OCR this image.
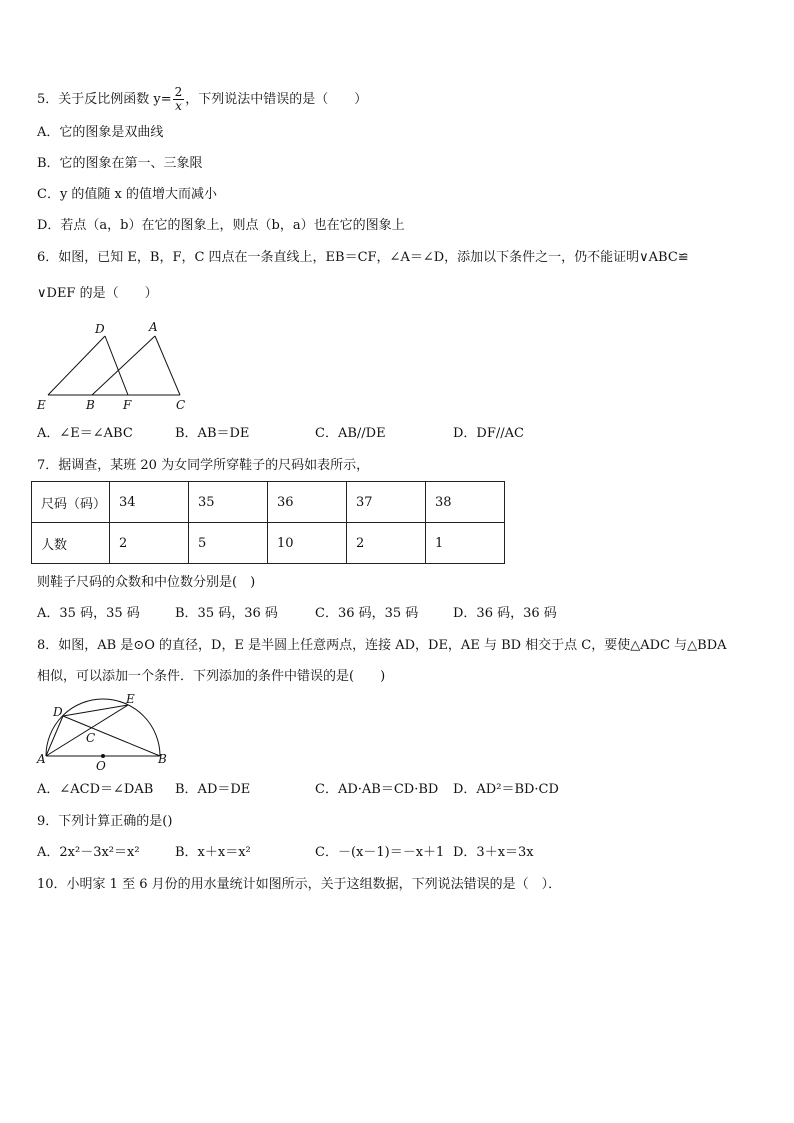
5．关于反比例函数 $y= \frac{2}{x}$ ，下列说法中错误的是（　　）
A．它的图象是双曲线
B．它的图象在第一、三象限
C．y 的值随 x 的值增大而减小
D．若点（a，b）在它的图象上，则点（b，a）也在它的图象上
6．如图，已知 E，B，F，C 四点在一条直线上，EB＝CF，∠A＝∠D，添加以下条件之一，仍不能证明∨ABC≌
∨DEF 的是（　　）
D	A
E	B F	C
A．∠E＝∠ABC	B．AB＝DE	C．AB//DE	D．DF//AC
7．据调查，某班 20 为女同学所穿鞋子的尺码如表所示，
尺码（码）	34	35	36	37	38
人数	2	5	10	2	1
则鞋子尺码的众数和中位数分别是(　)
A．35 码，35 码	B．35 码，36 码	C．36 码，35 码	D．36 码，36 码
8．如图，AB 是⊙O 的直径，D，E 是半圆上任意两点，连接 AD，DE，AE 与 BD 相交于点 C，要使△ADC 与△BDA
相似，可以添加一个条件．下列添加的条件中错误的是(　　)
E
D
C
A	O	B
A．∠ACD＝∠DAB B．AD＝DE	C．AD·AB＝CD·BD D．AD²＝BD·CD
9．下列计算正确的是()
A．2x²－3x²＝x²	B．x＋x＝x²	C．－(x－1)＝－x＋1 D．3＋x＝3x
10．小明家 1 至 6 月份的用水量统计如图所示，关于这组数据，下列说法错误的是（　）．
